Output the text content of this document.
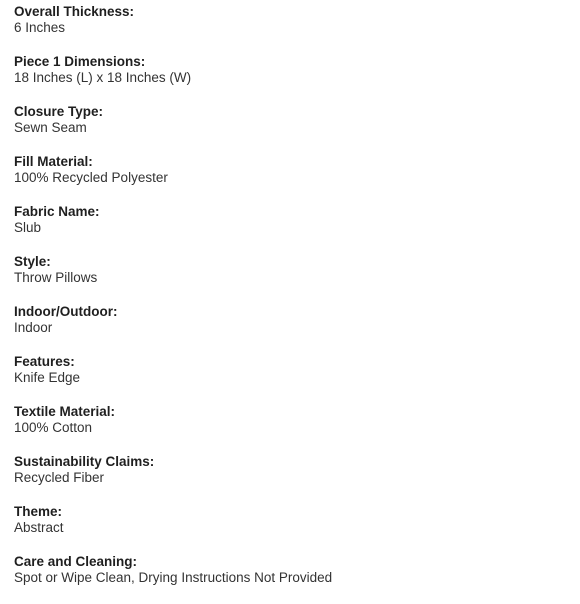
Overall Thickness:
6 Inches
Piece 1 Dimensions:
18 Inches (L) x 18 Inches (W)
Closure Type:
Sewn Seam
Fill Material:
100% Recycled Polyester
Fabric Name:
Slub
Style:
Throw Pillows
Indoor/Outdoor:
Indoor
Features:
Knife Edge
Textile Material:
100% Cotton
Sustainability Claims:
Recycled Fiber
Theme:
Abstract
Care and Cleaning:
Spot or Wipe Clean, Drying Instructions Not Provided
